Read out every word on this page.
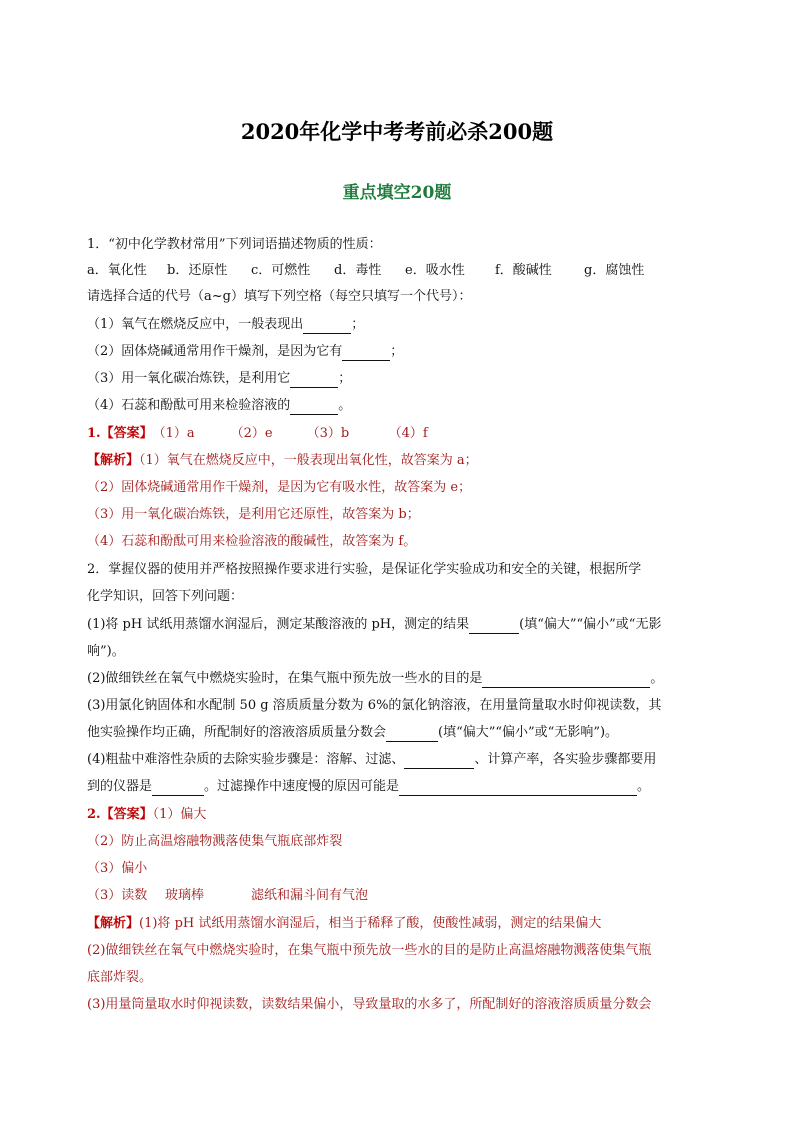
2020年化学中考考前必杀200题
重点填空20题
1．“初中化学教材常用”下列词语描述物质的性质：
a．氧化性 b．还原性 c．可燃性 d．毒性 e．吸水性 f．酸碱性 g．腐蚀性
请选择合适的代号（a~g）填写下列空格（每空只填写一个代号）：
（1）氧气在燃烧反应中，一般表现出	；
（2）固体烧碱通常用作干燥剂，是因为它有	；
（3）用一氧化碳冶炼铁，是利用它	；
（4）石蕊和酚酞可用来检验溶液的	。
1.【答案】（1）a	（2）e	（3）b	（4）f
【解析】（1）氧气在燃烧反应中，一般表现出氧化性，故答案为 a；
（2）固体烧碱通常用作干燥剂，是因为它有吸水性，故答案为 e；
（3）用一氧化碳冶炼铁，是利用它还原性，故答案为 b；
（4）石蕊和酚酞可用来检验溶液的酸碱性，故答案为 f。
2．掌握仪器的使用并严格按照操作要求进行实验，是保证化学实验成功和安全的关键，根据所学
化学知识，回答下列问题：
(1)将 pH 试纸用蒸馏水润湿后，测定某酸溶液的 pH，测定的结果	(填“偏大”“偏小”或“无影
响”)。
(2)做细铁丝在氧气中燃烧实验时，在集气瓶中预先放一些水的目的是	。
(3)用氯化钠固体和水配制 50 g 溶质质量分数为 6%的氯化钠溶液，在用量筒量取水时仰视读数，其
他实验操作均正确，所配制好的溶液溶质质量分数会	(填“偏大”“偏小”或“无影响”)。
(4)粗盐中难溶性杂质的去除实验步骤是：溶解、过滤、	、计算产率，各实验步骤都要用
到的仪器是	。过滤操作中速度慢的原因可能是	。
2.【答案】（1）偏大
（2）防止高温熔融物溅落使集气瓶底部炸裂
（3）偏小
（3）读数 玻璃棒	滤纸和漏斗间有气泡
【解析】(1)将 pH 试纸用蒸馏水润湿后，相当于稀释了酸，使酸性减弱，测定的结果偏大
(2)做细铁丝在氧气中燃烧实验时，在集气瓶中预先放一些水的目的是防止高温熔融物溅落使集气瓶
底部炸裂。
(3)用量筒量取水时仰视读数，读数结果偏小，导致量取的水多了，所配制好的溶液溶质质量分数会
